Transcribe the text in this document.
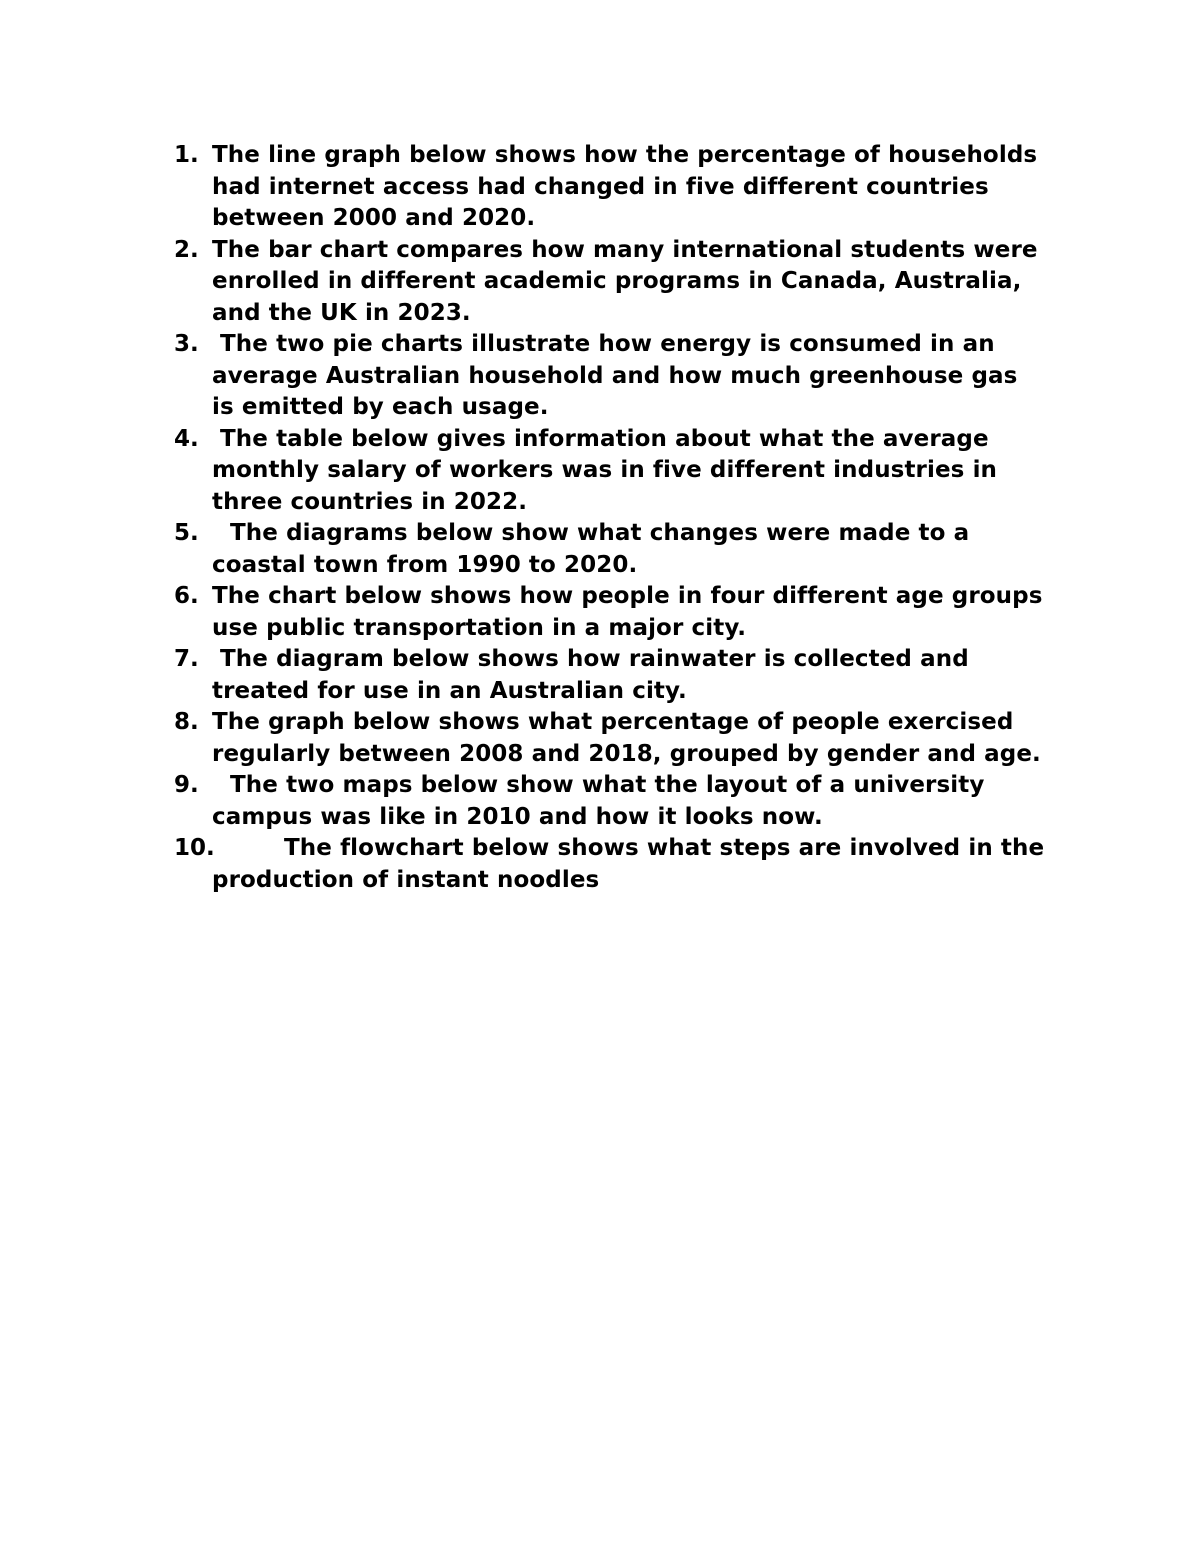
1. The line graph below shows how the percentage of households
had internet access had changed in five different countries
between 2000 and 2020.
2. The bar chart compares how many international students were
enrolled in different academic programs in Canada, Australia,
and the UK in 2023.
3. The two pie charts illustrate how energy is consumed in an
average Australian household and how much greenhouse gas
is emitted by each usage.
4. The table below gives information about what the average
monthly salary of workers was in five different industries in
three countries in 2022.
5.	The diagrams below show what changes were made to a
coastal town from 1990 to 2020.
6. The chart below shows how people in four different age groups
use public transportation in a major city.
7. The diagram below shows how rainwater is collected and
treated for use in an Australian city.
8. The graph below shows what percentage of people exercised
regularly between 2008 and 2018, grouped by gender and age.
9.	The two maps below show what the layout of a university
campus was like in 2010 and how it looks now.
10.	The flowchart below shows what steps are involved in the
production of instant noodles
